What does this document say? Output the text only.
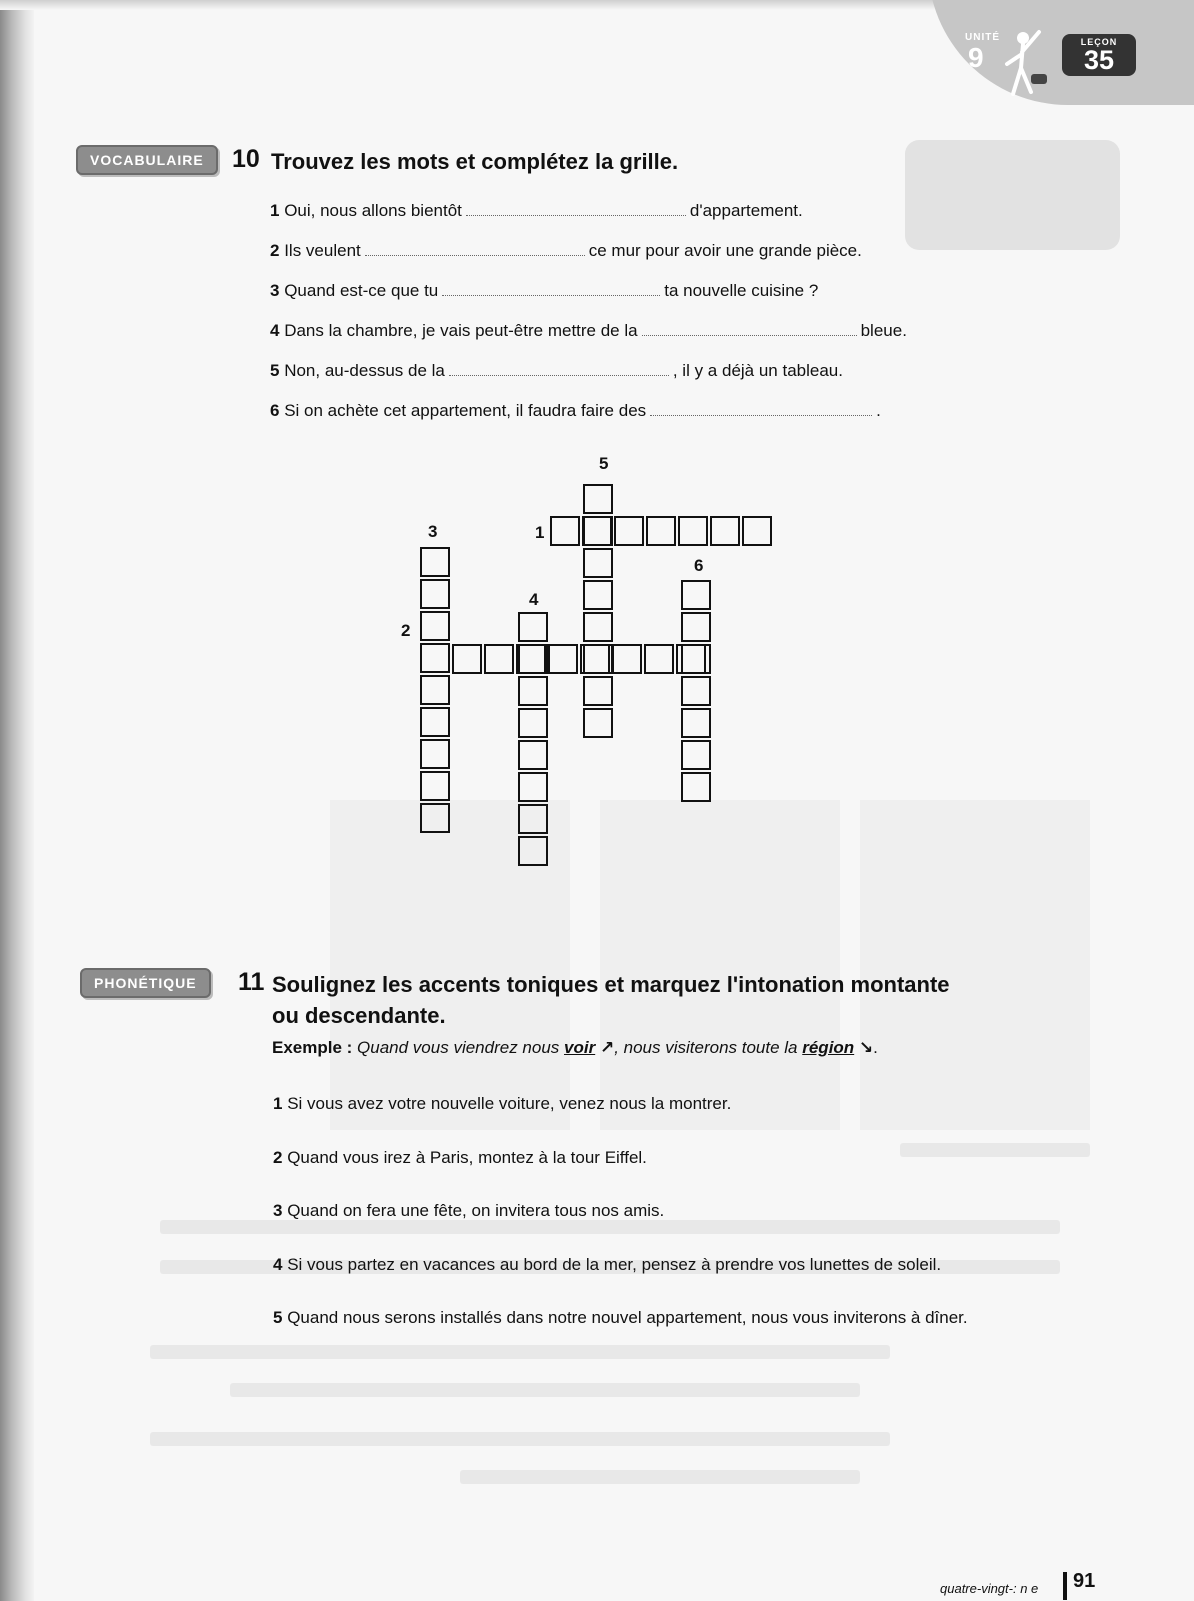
UNITÉ
9	LEÇON
35
VOCABULAIRE	10 Trouvez les mots et complétez la grille.
1 Oui, nous allons bientôt	d'appartement.
2 Ils veulent	ce mur pour avoir une grande pièce.
3 Quand est-ce que tu	ta nouvelle cuisine ?
4 Dans la chambre, je vais peut-être mettre de la	bleue.
5 Non, au-dessus de la	, il y a déjà un tableau.
6 Si on achète cet appartement, il faudra faire des	.
5
3	1
6
4
2
PHONÉTIQUE	11 Soulignez les accents toniques et marquez l'intonation montante
ou descendante.
Exemple : Quand vous viendrez nous voir ↗, nous visiterons toute la région ↘.
1 Si vous avez votre nouvelle voiture, venez nous la montrer.
2 Quand vous irez à Paris, montez à la tour Eiffel.
3 Quand on fera une fête, on invitera tous nos amis.
4 Si vous partez en vacances au bord de la mer, pensez à prendre vos lunettes de soleil.
5 Quand nous serons installés dans notre nouvel appartement, nous vous inviterons à dîner.
quatre-vingt-: n e 91
